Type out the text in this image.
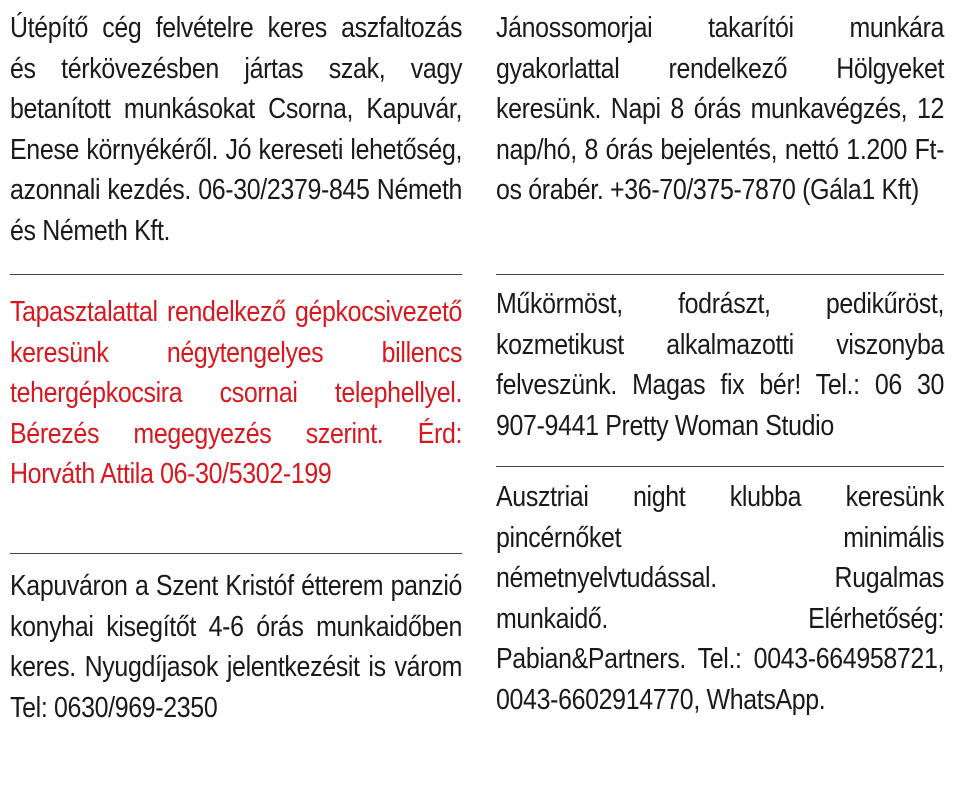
Útépítő cég felvételre keres aszfaltozás és térkövezésben jártas szak, vagy betanított munkásokat Csorna, Kapuvár, Enese környékéről. Jó kereseti lehetőség, azonnali kezdés. 06-30/2379-845 Németh és Németh Kft.

Tapasztalattal rendelkező gépkocsivezető keresünk négytengelyes billencs tehergépkocsira csornai telephellyel. Bérezés megegyezés szerint. Érd: Horváth Attila 06-30/5302-199

Kapuváron a Szent Kristóf étterem panzió konyhai kisegítőt 4-6 órás munkaidőben keres. Nyugdíjasok jelentkezésit is várom Tel: 0630/969-2350

Jánossomorjai takarítói munkára gyakorlattal rendelkező Hölgyeket keresünk. Napi 8 órás munkavégzés, 12 nap/hó, 8 órás bejelentés, nettó 1.200 Ft-os órabér. +36-70/375-7870 (Gála1 Kft)

Műkörmöst, fodrászt, pedikűröst, kozmetikust alkalmazotti viszonyba felveszünk. Magas fix bér! Tel.: 06 30 907-9441 Pretty Woman Studio

Ausztriai night klubba keresünk pincérnőket minimális németnyelvtudással. Rugalmas munkaidő. Elérhetőség: Pabian&Partners. Tel.: 0043-664958721, 0043-6602914770, WhatsApp.
